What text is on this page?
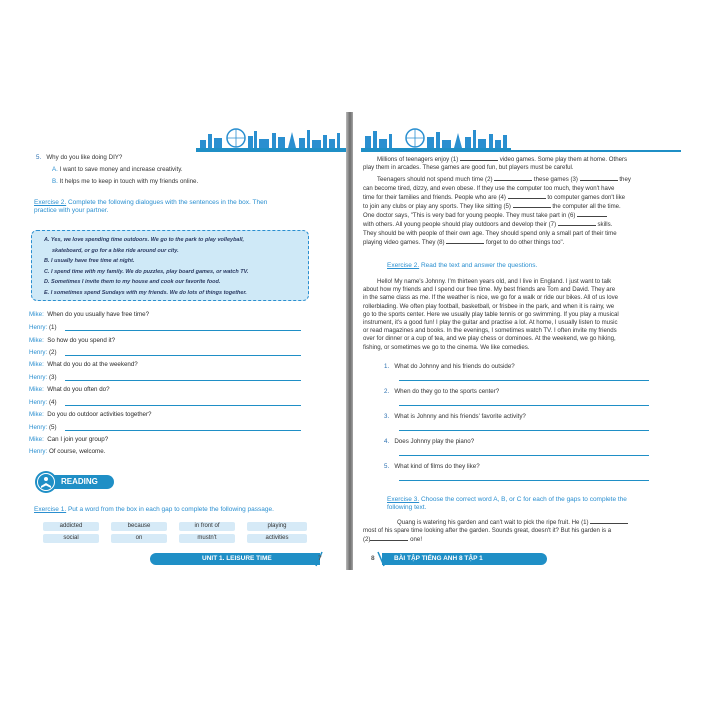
5. Why do you like doing DIY?
A. I want to save money and increase creativity.
B. It helps me to keep in touch with my friends online.
Exercise 2. Complete the following dialogues with the sentences in the box. Then
practice with your partner.
A. Yes, we love spending time outdoors. We go to the park to play volleyball,
skateboard, or go for a bike ride around our city.
B. I usually have free time at night.
C. I spend time with my family. We do puzzles, play board games, or watch TV.
D. Sometimes I invite them to my house and cook our favorite food.
E. I sometimes spend Sundays with my friends. We do lots of things together.
Mike: When do you usually have free time?
Henry: (1)
Mike: So how do you spend it?
Henry: (2)
Mike: What do you do at the weekend?
Henry: (3)
Mike: What do you often do?
Henry: (4)
Mike: Do you do outdoor activities together?
Henry: (5)
Mike: Can I join your group?
Henry: Of course, welcome.
READING
Exercise 1. Put a word from the box in each gap to complete the following passage.
addicted	because	in front of	playing
social	on	mustn't	activities
Millions of teenagers enjoy (1)	video games. Some play them at home. Others
play them in arcades. These games are good fun, but players must be careful.
Teenagers should not spend much time (2)	these games (3)	they
can become tired, dizzy, and even obese. If they use the computer too much, they won't have
time for their families and friends. People who are (4)	to computer games don't like
to join any clubs or play any sports. They like sitting (5)	the computer all the time.
One doctor says, "This is very bad for young people. They must take part in (6)
with others. All young people should play outdoors and develop their (7)	skills.
They should be with people of their own age. They should spend only a small part of their time
playing video games. They (8)	forget to do other things too".
Exercise 2. Read the text and answer the questions.
Hello! My name's Johnny. I'm thirteen years old, and I live in England. I just want to talk
about how my friends and I spend our free time. My best friends are Tom and David. They are
in the same class as me. If the weather is nice, we go for a walk or ride our bikes. All of us love
rollerblading. We often play football, basketball, or frisbee in the park, and when it is rainy, we
go to the sports center. Here we usually play table tennis or go swimming. If you play a musical
instrument, it's a good fun! I play the guitar and practise a lot. At home, I usually listen to music
or read magazines and books. In the evenings, I sometimes watch TV. I often invite my friends
over for dinner or a cup of tea, and we play chess or dominoes. At the weekend, we go hiking,
fishing, or sometimes we go to the cinema. We like comedies.
1. What do Johnny and his friends do outside?
2. When do they go to the sports center?
3. What is Johnny and his friends' favorite activity?
4. Does Johnny play the piano?
5. What kind of films do they like?
Exercise 3. Choose the correct word A, B, or C for each of the gaps to complete the
following text.
Quang is watering his garden and can't wait to pick the ripe fruit. He (1)
most of his spare time looking after the garden. Sounds great, doesn't it? But his garden is a
(2)	one!
UNIT 1. LEISURE TIME	7	8	BÀI TẬP TIẾNG ANH 8 TẬP 1
